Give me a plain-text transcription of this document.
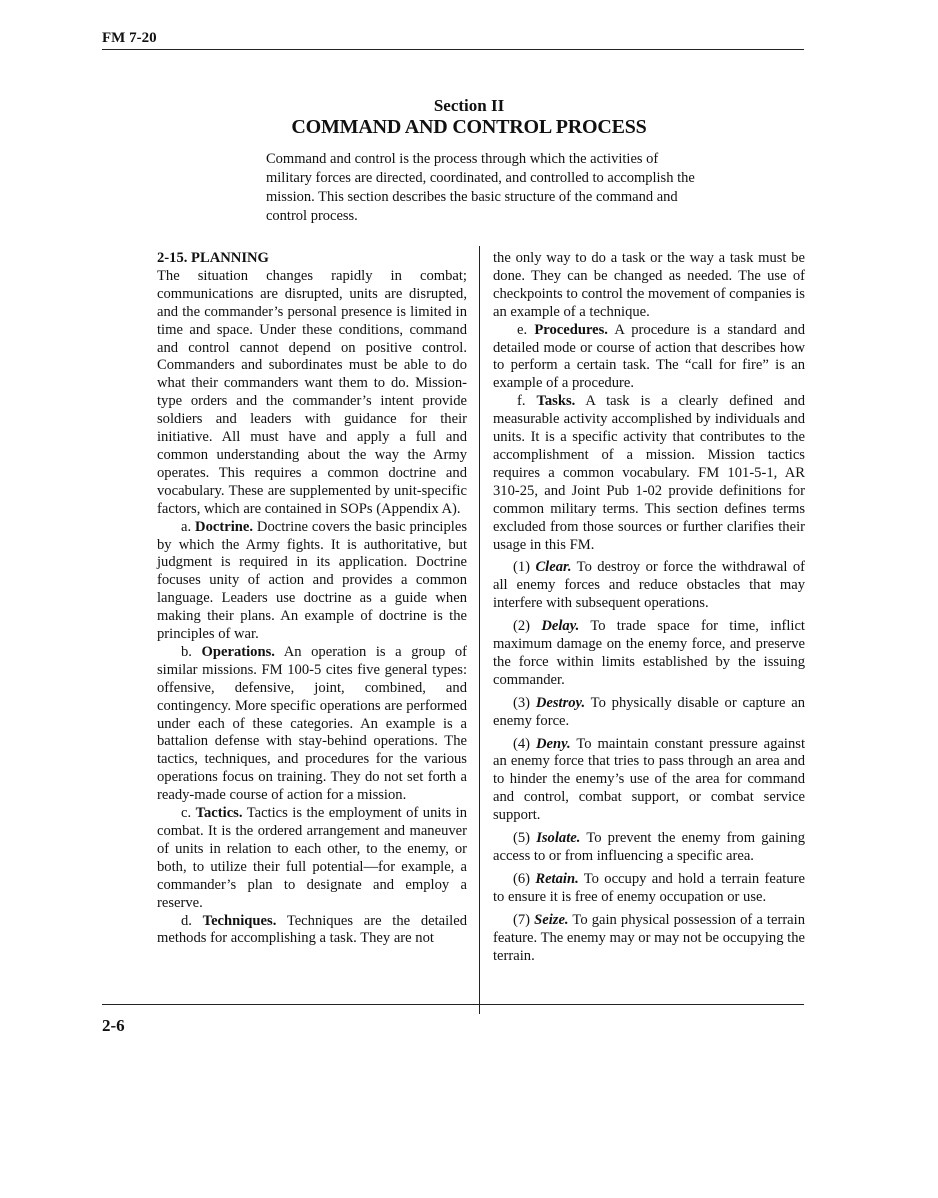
FM 7-20
Section II
COMMAND AND CONTROL PROCESS
Command and control is the process through which the activities of military forces are directed, coordinated, and controlled to accomplish the mission. This section describes the basic structure of the command and control process.
2-15. PLANNING

The situation changes rapidly in combat; communications are disrupted, units are disrupted, and the commander’s personal presence is limited in time and space. Under these conditions, command and control cannot depend on positive control. Commanders and subordinates must be able to do what their commanders want them to do. Mission-type orders and the commander’s intent provide soldiers and leaders with guidance for their initiative. All must have and apply a full and common understanding about the way the Army operates. This requires a common doctrine and vocabulary. These are supplemented by unit-specific factors, which are contained in SOPs (Appendix A).

a. Doctrine. Doctrine covers the basic principles by which the Army fights. It is authoritative, but judgment is required in its application. Doctrine focuses unity of action and provides a common language. Leaders use doctrine as a guide when making their plans. An example of doctrine is the principles of war.

b. Operations. An operation is a group of similar missions. FM 100-5 cites five general types: offensive, defensive, joint, combined, and contingency. More specific operations are performed under each of these categories. An example is a battalion defense with stay-behind operations. The tactics, techniques, and procedures for the various operations focus on training. They do not set forth a ready-made course of action for a mission.

c. Tactics. Tactics is the employment of units in combat. It is the ordered arrangement and maneuver of units in relation to each other, to the enemy, or both, to utilize their full potential—for example, a commander’s plan to designate and employ a reserve.

d. Techniques. Techniques are the detailed methods for accomplishing a task. They are not

the only way to do a task or the way a task must be done. They can be changed as needed. The use of checkpoints to control the movement of companies is an example of a technique.

e. Procedures. A procedure is a standard and detailed mode or course of action that describes how to perform a certain task. The “call for fire” is an example of a procedure.

f. Tasks. A task is a clearly defined and measurable activity accomplished by individuals and units. It is a specific activity that contributes to the accomplishment of a mission. Mission tactics requires a common vocabulary. FM 101-5-1, AR 310-25, and Joint Pub 1-02 provide definitions for common military terms. This section defines terms excluded from those sources or further clarifies their usage in this FM.

(1) Clear. To destroy or force the withdrawal of all enemy forces and reduce obstacles that may interfere with subsequent operations.

(2) Delay. To trade space for time, inflict maximum damage on the enemy force, and preserve the force within limits established by the issuing commander.

(3) Destroy. To physically disable or capture an enemy force.

(4) Deny. To maintain constant pressure against an enemy force that tries to pass through an area and to hinder the enemy’s use of the area for command and control, combat support, or combat service support.

(5) Isolate. To prevent the enemy from gaining access to or from influencing a specific area.

(6) Retain. To occupy and hold a terrain feature to ensure it is free of enemy occupation or use.

(7) Seize. To gain physical possession of a terrain feature. The enemy may or may not be occupying the terrain.

2-6
